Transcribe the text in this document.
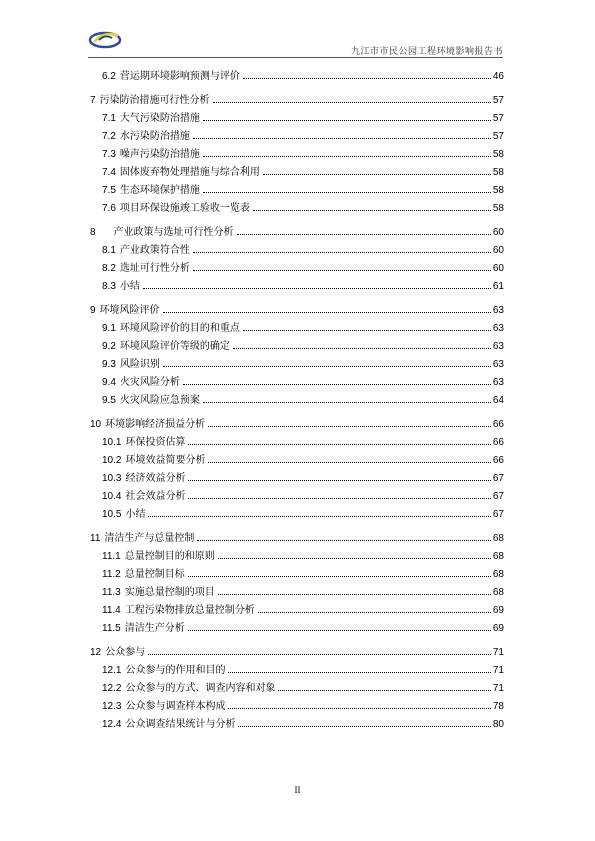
九江市市民公园工程环境影响报告书
6.2 营运期环境影响预测与评价	46
7 污染防治措施可行性分析	57
7.1 大气污染防治措施	57
7.2 水污染防治措施	57
7.3 噪声污染防治措施	58
7.4 固体废弃物处理措施与综合利用	58
7.5 生态环境保护措施	58
7.6 项目环保设施竣工验收一览表	58
8 产业政策与选址可行性分析	60
8.1 产业政策符合性	60
8.2 选址可行性分析	60
8.3 小结	61
9 环境风险评价	63
9.1 环境风险评价的目的和重点	63
9.2 环境风险评价等级的确定	63
9.3 风险识别	63
9.4 火灾风险分析	63
9.5 火灾风险应急预案	64
10 环境影响经济损益分析	66
10.1 环保投资估算	66
10.2 环境效益简要分析	66
10.3 经济效益分析	67
10.4 社会效益分析	67
10.5 小结	67
11 清洁生产与总量控制	68
11.1 总量控制目的和原则	68
11.2 总量控制目标	68
11.3 实施总量控制的项目	68
11.4 工程污染物排放总量控制分析	69
11.5 清洁生产分析	69
12 公众参与	71
12.1 公众参与的作用和目的	71
12.2 公众参与的方式、调查内容和对象	71
12.3 公众参与调查样本构成	78
12.4 公众调查结果统计与分析	80
II
